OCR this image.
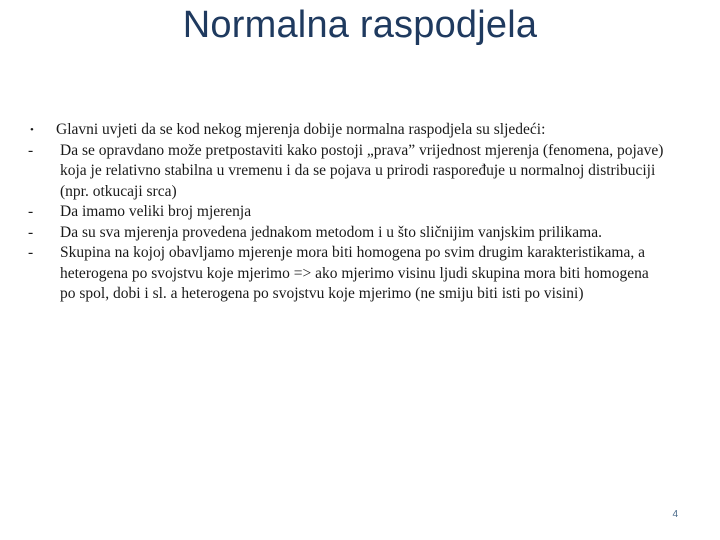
Normalna raspodjela
• Glavni uvjeti da se kod nekog mjerenja dobije normalna raspodjela su sljedeći:
- Da se opravdano može pretpostaviti kako postoji „prava” vrijednost mjerenja (fenomena, pojave) koja je relativno stabilna u vremenu i da se pojava u prirodi raspoređuje u normalnoj distribuciji (npr. otkucaji srca)
- Da imamo veliki broj mjerenja
- Da su sva mjerenja provedena jednakom metodom i u što sličnijim vanjskim prilikama.
- Skupina na kojoj obavljamo mjerenje mora biti homogena po svim drugim karakteristikama, a heterogena po svojstvu koje mjerimo => ako mjerimo visinu ljudi skupina mora biti homogena po spol, dobi i sl. a heterogena po svojstvu koje mjerimo (ne smiju biti isti po visini)
4
